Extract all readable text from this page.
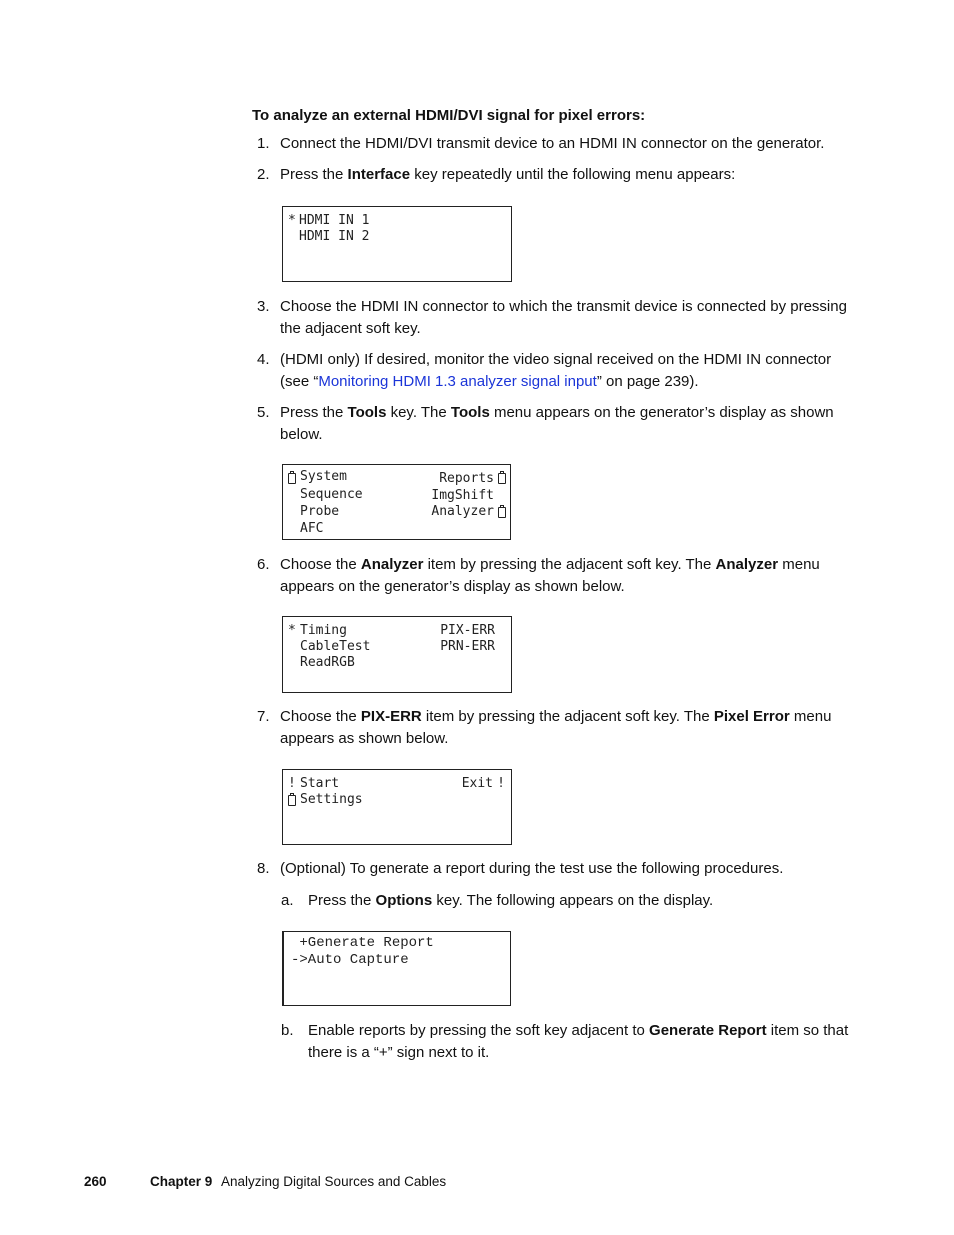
To analyze an external HDMI/DVI signal for pixel errors:
1. Connect the HDMI/DVI transmit device to an HDMI IN connector on the generator.
2. Press the Interface key repeatedly until the following menu appears:
* HDMI IN 1
HDMI IN 2
3. Choose the HDMI IN connector to which the transmit device is connected by pressing
the adjacent soft key.
4. (HDMI only) If desired, monitor the video signal received on the HDMI IN connector
(see “Monitoring HDMI 1.3 analyzer signal input” on page 239).
5. Press the Tools key. The Tools menu appears on the generator’s display as shown
below.
System
Sequence
Probe
AFC
Reports
ImgShift
Analyzer
6. Choose the Analyzer item by pressing the adjacent soft key. The Analyzer menu
appears on the generator’s display as shown below.
* Timing
CableTest
ReadRGB
PIX-ERR
PRN-ERR
7. Choose the PIX-ERR item by pressing the adjacent soft key. The Pixel Error menu
appears as shown below.
! Start
Settings
Exit !
8. (Optional) To generate a report during the test use the following procedures.
a. Press the Options key. The following appears on the display.
+Generate Report
->Auto Capture
b. Enable reports by pressing the soft key adjacent to Generate Report item so that
there is a “+” sign next to it.
260	Chapter 9 Analyzing Digital Sources and Cables
